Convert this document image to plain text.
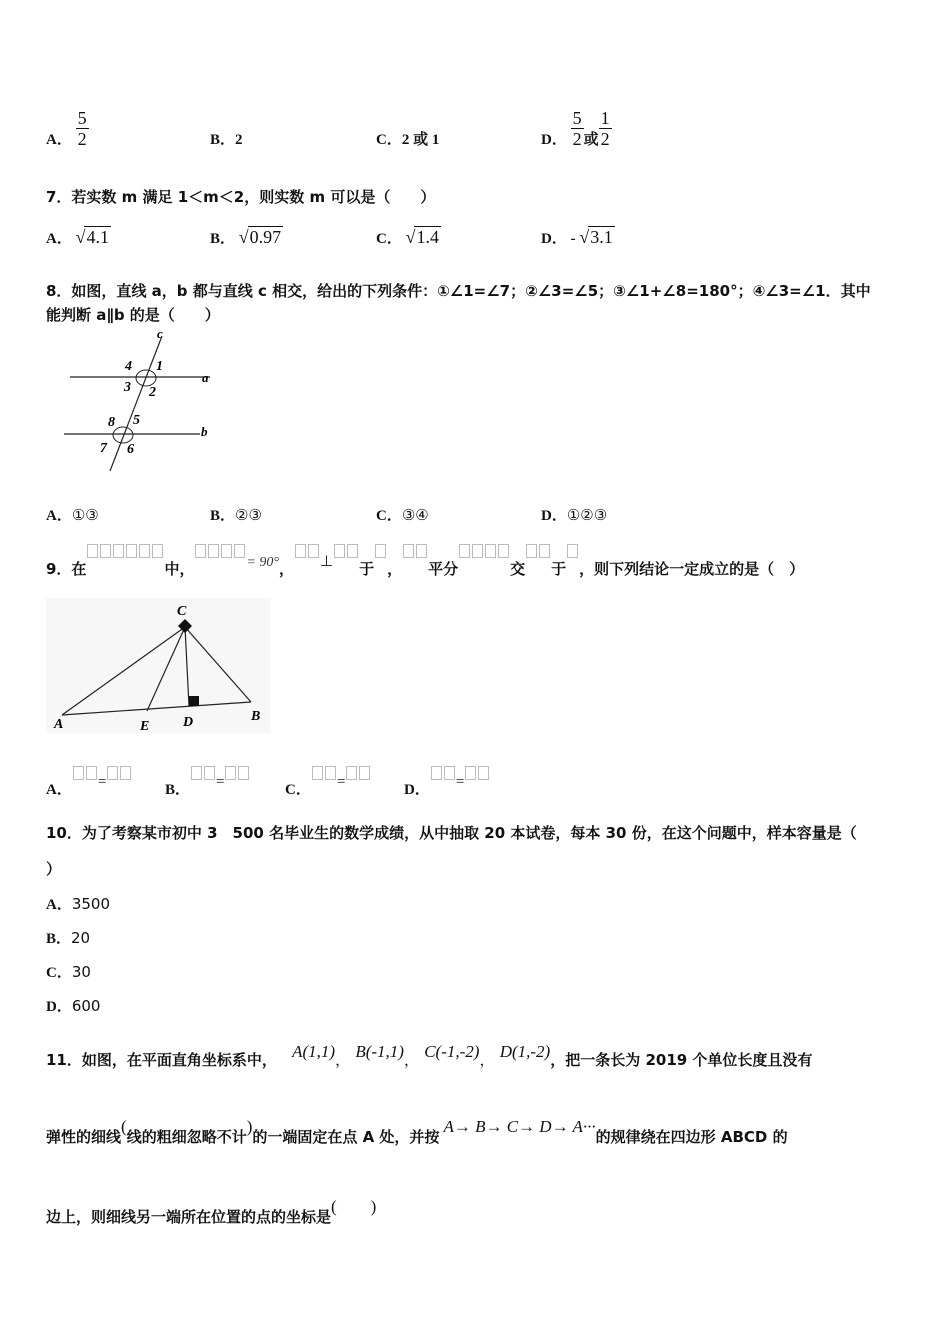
A． $\frac{5}{2}$	B．2	C．2 或 1	D． $\frac{5}{2}$ 或 $\frac{1}{2}$
7．若实数 m 满足 1＜m＜2，则实数 m 可以是（　　）
A． √4.1	B． √0.97	C． √1.4	D． - √3.1
8．如图，直线 a，b 都与直线 c 相交，给出的下列条件：①∠1=∠7；②∠3=∠5；③∠1+∠8=180°；④∠3=∠1．其中
能判断 a∥b 的是（　　）
c
4 1
a
3 2
8 5
b
7 6
A．①③	B．②③	C．③④	D．①②③
9．在	中，	= 90°， ⊥ 于 ， 平分	交 于 ，则下列结论一定成立的是（　）
C
A	E D	B
A． =	B． =	C． =	D． =
10．为了考察某市初中 3　500 名毕业生的数学成绩，从中抽取 20 本试卷，每本 30 份，在这个问题中，样本容量是（
）
A．3500
B．20
C．30
D．600
11．如图，在平面直角坐标系中， A(1,1)， B(-1,1)， C(-1,-2)， D(1,-2)，把一条长为 2019 个单位长度且没有
弹性的细线(线的粗细忽略不计)的一端固定在点 A 处，并按A→ B→ C→ D→ A···的规律绕在四边形 ABCD 的
边上，则细线另一端所在位置的点的坐标是(　　)
